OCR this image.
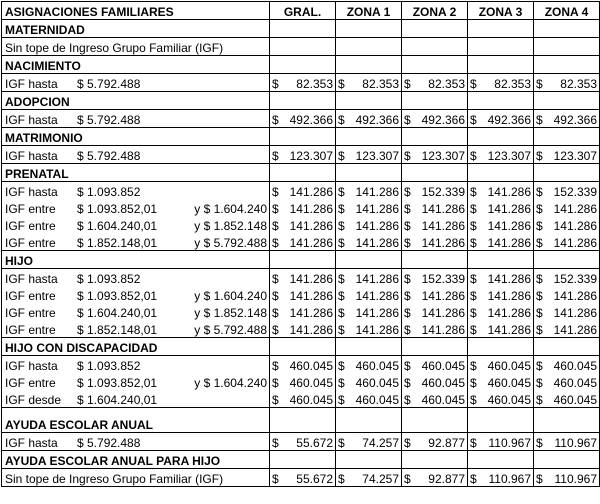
ASIGNACIONES FAMILIARES	GRAL.	ZONA 1	ZONA 2	ZONA 3	ZONA 4
MATERNIDAD					

Sin tope de Ingreso Grupo Familiar (IGF)					

NACIMIENTO					

IGF hasta $ 5.792.488	$ 82.353	$ 82.353	$ 82.353	$ 82.353	$ 82.353
ADOPCION					

IGF hasta $ 5.792.488	$ 492.366	$ 492.366	$ 492.366	$ 492.366	$ 492.366
MATRIMONIO					

IGF hasta $ 5.792.488	$ 123.307	$ 123.307	$ 123.307	$ 123.307	$ 123.307
PRENATAL					

IGF hasta $ 1.093.852	$ 141.286	$ 141.286	$ 152.339	$ 141.286	$ 152.339

IGF entre $ 1.093.852,01 y $ 1.604.240	$ 141.286	$ 141.286	$ 141.286	$ 141.286	$ 141.286

IGF entre $ 1.604.240,01 y $ 1.852.148	$ 141.286	$ 141.286	$ 141.286	$ 141.286	$ 141.286

IGF entre $ 1.852.148,01 y $ 5.792.488	$ 141.286	$ 141.286	$ 141.286	$ 141.286	$ 141.286
HIJO					

IGF hasta $ 1.093.852	$ 141.286	$ 141.286	$ 152.339	$ 141.286	$ 152.339

IGF entre $ 1.093.852,01 y $ 1.604.240	$ 141.286	$ 141.286	$ 141.286	$ 141.286	$ 141.286

IGF entre $ 1.604.240,01 y $ 1.852.148	$ 141.286	$ 141.286	$ 141.286	$ 141.286	$ 141.286

IGF entre $ 1.852.148,01 y $ 5.792.488	$ 141.286	$ 141.286	$ 141.286	$ 141.286	$ 141.286
HIJO CON DISCAPACIDAD					

IGF hasta $ 1.093.852	$ 460.045	$ 460.045	$ 460.045	$ 460.045	$ 460.045

IGF entre $ 1.093.852,01 y $ 1.604.240	$ 460.045	$ 460.045	$ 460.045	$ 460.045	$ 460.045

IGF desde $ 1.604.240,01	$ 460.045	$ 460.045	$ 460.045	$ 460.045	$ 460.045
AYUDA ESCOLAR ANUAL					

IGF hasta $ 5.792.488	$ 55.672	$ 74.257	$ 92.877	$ 110.967	$ 110.967
AYUDA ESCOLAR ANUAL PARA HIJO					

Sin tope de Ingreso Grupo Familiar (IGF)	$ 55.672	$ 74.257	$ 92.877	$ 110.967	$ 110.967
